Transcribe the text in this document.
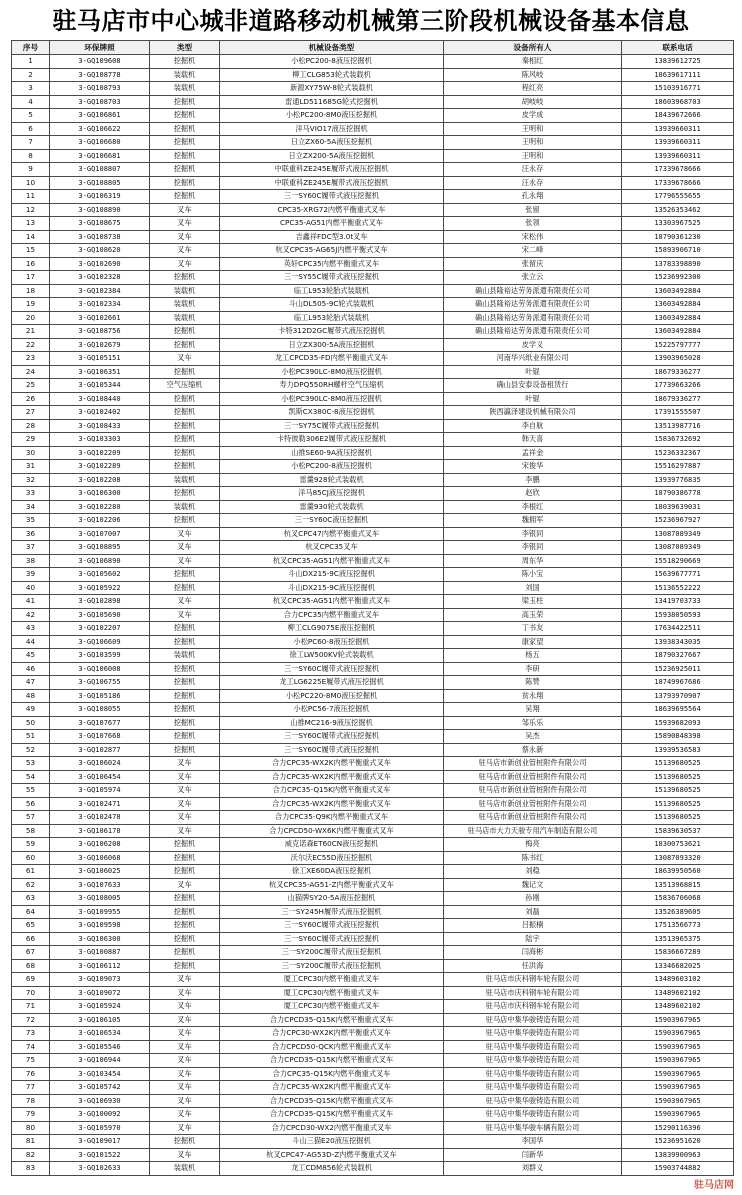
驻马店市中心城非道路移动机械第三阶段机械设备基本信息
序号	环保牌照	类型	机械设备类型	设备所有人	联系电话
1	3-GQ109608	挖掘机	小松PC200-8液压挖掘机	秦相红	13839612725
2	3-GQ108778	装载机	柳工CLG853轮式装载机	陈风岐	18639617111
3	3-GQ108793	装载机	新源XY75W-8轮式装载机	程红亮	15103916771
4	3-GQ108703	挖掘机	雷通LD511685G轮式挖掘机	胡岐岐	18603968703
5	3-GQ106861	挖掘机	小松PC200-8M0液压挖掘机	皮学成	18439672666
6	3-GQ106622	挖掘机	洋马VIO17液压挖掘机	王明和	13939660311
7	3-GQ106680	挖掘机	日立ZX60-5A液压挖掘机	王明和	13939660311
8	3-GQ106681	挖掘机	日立ZX200-5A液压挖掘机	王明和	13939660311
9	3-GQ108807	挖掘机	中联重科ZE245E履带式液压挖掘机	汪永存	17339678666
10	3-GQ108805	挖掘机	中联重科ZE245E履带式液压挖掘机	汪永存	17339678666
11	3-GQ106319	挖掘机	三一SY60C履带式液压挖掘机	孔永翔	17796555655
12	3-GQ108890	叉车	CPC35-XRG72内燃平衡重式叉车	张留	13526353462
13	3-GQ108675	叉车	CPC35-AG51内燃平衡重式叉车	张领	13303967525
14	3-GQ108738	叉车	吉鑫祥FDC型3.0t叉车	宋松伟	18790361230
15	3-GQ108620	叉车	杭叉CPC35-AG65J内燃平衡式叉车	宋二峰	15893906710
16	3-GQ102690	叉车	英轩CPC35内燃平衡重式叉车	张留庆	13783398890
17	3-GQ102328	挖掘机	三一SY55C履带式液压挖掘机	张立云	15236992300
18	3-GQ102384	装载机	临工L953轮胎式装载机	确山县隆裕达劳务派遣有限责任公司	13603492884
19	3-GQ102334	装载机	斗山DL505-9C轮式装载机	确山县隆裕达劳务派遣有限责任公司	13603492884
20	3-GQ102661	装载机	临工L953轮胎式装载机	确山县隆裕达劳务派遣有限责任公司	13603492884
21	3-GQ108756	挖掘机	卡特312D2GC履带式液压挖掘机	确山县隆裕达劳务派遣有限责任公司	13603492884
22	3-GQ102679	挖掘机	日立ZX300-5A液压挖掘机	皮学义	15225797777
23	3-GQ105151	叉车	龙工CPCD35-FD内燃平衡重式叉车	河南华兴纸业有限公司	13903965028
24	3-GQ106351	挖掘机	小松PC390LC-8M0液压挖掘机	叶锟	18679336277
25	3-GQ105344	空气压缩机	寿力DPQ550RH螺杆空气压缩机	确山县安泰设备租赁行	17739663266
26	3-GQ108440	挖掘机	小松PC390LC-8M0液压挖掘机	叶锟	18679336277
27	3-GQ102402	挖掘机	凯斯CX380C-8液压挖掘机	陕西瀛泽建设机械有限公司	17391555507
28	3-GQ108433	挖掘机	三一SY75C履带式液压挖掘机	李自航	13513987716
29	3-GQ103303	挖掘机	卡特彼勒306E2履带式液压挖掘机	韩天喜	15836732692
30	3-GQ102209	挖掘机	山推SE60-9A液压挖掘机	孟祥金	15236332367
31	3-GQ102289	挖掘机	小松PC200-8液压挖掘机	宋俊华	15516297887
32	3-GQ102208	装载机	雷羹928轮式装载机	李鹏	13939776835
33	3-GQ106300	挖掘机	洋马85CJ液压挖掘机	赵欣	18790386778
34	3-GQ102280	装载机	雷羹930轮式装载机	李根红	18039639031
35	3-GQ102206	挖掘机	三一SY60C液压挖掘机	魏拥军	15236967927
36	3-GQ107007	叉车	杭叉CPC47内燃平衡重式叉车	李银同	13087089349
37	3-GQ108895	叉车	杭叉CPC35叉车	李银同	13087089349
38	3-GQ106890	叉车	杭叉CPC35-AG51内燃平衡重式叉车	周东华	15518290669
39	3-GQ105602	挖掘机	斗山DX215-9C液压挖掘机	陈小宝	15639677771
40	3-GQ105922	挖掘机	斗山DX215-9C液压挖掘机	刘国	15136552222
41	3-GQ102898	叉车	杭叉CPC35-AG51内燃平衡重式叉车	梁玉柱	13419703733
42	3-GQ105690	叉车	合力CPC35内燃平衡重式叉车	高玉荣	15938050593
43	3-GQ102207	挖掘机	柳工CLG9075E液压挖掘机	丁书友	17634422511
44	3-GQ106609	挖掘机	小松PC60-8液压挖掘机	康家望	13938343035
45	3-GQ103599	装载机	徐工LW500KV轮式装载机	杨五	18790327667
46	3-GQ106008	挖掘机	三一SY60C履带式液压挖掘机	李研	15236925011
47	3-GQ106755	挖掘机	龙工LG6225E履带式液压挖掘机	陈赞	18749967686
48	3-GQ105186	挖掘机	小松PC220-8M0液压挖掘机	贫永翔	13793970907
49	3-GQ108055	挖掘机	小松PC56-7液压挖掘机	吴翔	18639695564
50	3-GQ107677	挖掘机	山推MC216-9液压挖掘机	邹乐乐	15939682093
51	3-GQ107668	挖掘机	三一SY60C履带式液压挖掘机	吴杰	15890848398
52	3-GQ102877	挖掘机	三一SY60C履带式液压挖掘机	蔡永新	13939536583
53	3-GQ106024	叉车	合力CPC35-WX2K内燃平衡重式叉车	驻马店市新创业管桩附件有限公司	15139680525
54	3-GQ106454	叉车	合力CPC35-WX2K内燃平衡重式叉车	驻马店市新创业管桩附件有限公司	15139680525
55	3-GQ105974	叉车	合力CPC35-Q15K内燃平衡重式叉车	驻马店市新创业管桩附件有限公司	15139680525
56	3-GQ102471	叉车	合力CPC35-WX2K内燃平衡重式叉车	驻马店市新创业管桩附件有限公司	15139680525
57	3-GQ102478	叉车	合力CPC35-Q9K内燃平衡重式叉车	驻马店市新创业管桩附件有限公司	15139680525
58	3-GQ106178	叉车	合力CPCD50-WX6K内燃平衡重式叉车	驻马店市大力天骏专用汽车制造有限公司	15839630537
59	3-GQ106208	挖掘机	威克诺森ET60CN液压挖掘机	梅亮	18300753621
60	3-GQ106068	挖掘机	沃尔沃EC55D液压挖掘机	陈书红	13087093320
61	3-GQ106025	挖掘机	徐工XE60DA液压挖掘机	刘稳	18639950560
62	3-GQ107633	叉车	杭叉CPC35-AG51-Z内燃平衡重式叉车	魏记文	13513968815
63	3-GQ108005	挖掘机	山猫牌SY20-5A液压挖掘机	孙刚	15836706068
64	3-GQ109955	挖掘机	三一SY245H履带式液压挖掘机	刘磊	13526389605
65	3-GQ109598	挖掘机	三一SY60C履带式液压挖掘机	吕振楠	17513566773
66	3-GQ106300	挖掘机	三一SY60C履带式液压挖掘机	陆宇	13513965375
67	3-GQ100887	挖掘机	三一SY200C履带式液压挖掘机	闫海彬	15836667289
68	3-GQ106112	挖掘机	三一SY200C履带式液压挖掘机	任洪海	13346682025
69	3-GQ109073	叉车	厦工CPC30内燃平衡重式叉车	驻马店市庆科钢车轮有限公司	13489603102
70	3-GQ109072	叉车	厦工CPC30内燃平衡重式叉车	驻马店市庆科钢车轮有限公司	13489602102
71	3-GQ105924	叉车	厦工CPC30内燃平衡重式叉车	驻马店市庆科钢车轮有限公司	13489602102
72	3-GQ106105	叉车	合力CPCD35-Q15K内燃平衡重式叉车	驻马店中集华骏铸造有限公司	15903967965
73	3-GQ106534	叉车	合力CPC30-WX2K内燃平衡重式叉车	驻马店中集华骏铸造有限公司	15903967965
74	3-GQ105546	叉车	合力CPCD50-QCK内燃平衡重式叉车	驻马店中集华骏铸造有限公司	15903967965
75	3-GQ106944	叉车	合力CPCD35-Q15K内燃平衡重式叉车	驻马店中集华骏铸造有限公司	15903967965
76	3-GQ103454	叉车	合力CPC35-Q15K内燃平衡重式叉车	驻马店中集华骏铸造有限公司	15903967965
77	3-GQ105742	叉车	合力CPC35-WX2K内燃平衡重式叉车	驻马店中集华骏铸造有限公司	15903967965
78	3-GQ106930	叉车	合力CPCD35-Q15K内燃平衡重式叉车	驻马店中集华骏铸造有限公司	15903967965
79	3-GQ100092	叉车	合力CPCD35-Q15K内燃平衡重式叉车	驻马店中集华骏铸造有限公司	15903967965
80	3-GQ105970	叉车	合力CPCD30-WX2内燃平衡重式叉车	驻马店中集华骏车辆有限公司	15290116396
81	3-GQ109017	挖掘机	斗山三猫E20液压挖掘机	李国华	15236951620
82	3-GQ101522	叉车	杭叉CPC47-AG53D-Z内燃平衡重式叉车	闫新华	13839900963
83	3-GQ102633	装载机	龙工CDM856轮式装载机	刘群义	15903744882
驻马店网
